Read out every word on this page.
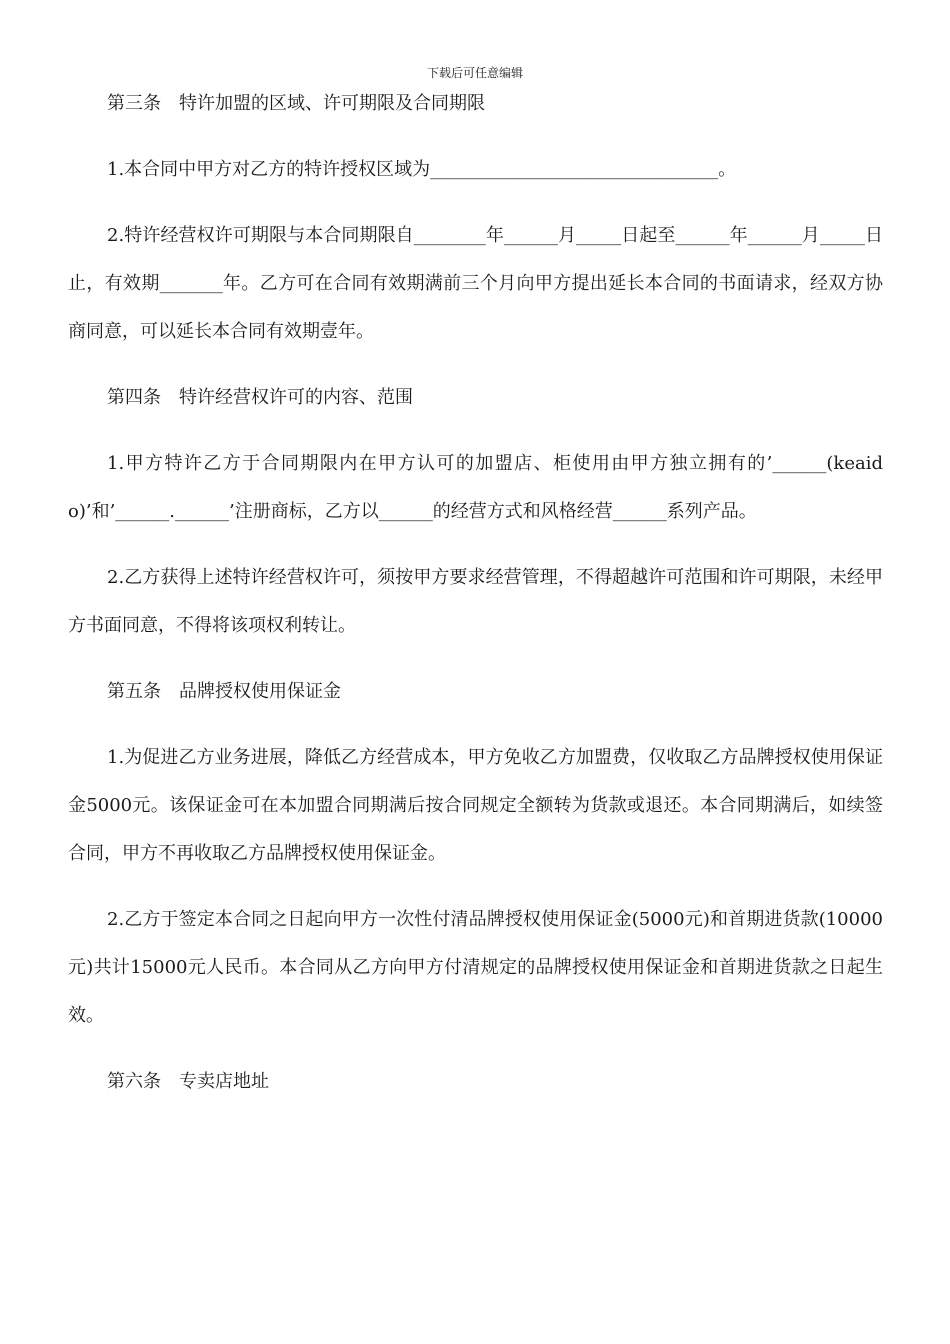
下载后可任意编辑

第三条　特许加盟的区域、许可期限及合同期限

1.本合同中甲方对乙方的特许授权区域为________________________________。

2.特许经营权许可期限与本合同期限自________年______月_____日起至______年______月_____日止，有效期_______年。乙方可在合同有效期满前三个月向甲方提出延长本合同的书面请求，经双方协商同意，可以延长本合同有效期壹年。

第四条　特许经营权许可的内容、范围

1.甲方特许乙方于合同期限内在甲方认可的加盟店、柜使用由甲方独立拥有的’______(keaido)’和’______.______’注册商标，乙方以______的经营方式和风格经营______系列产品。

2.乙方获得上述特许经营权许可，须按甲方要求经营管理，不得超越许可范围和许可期限，未经甲方书面同意，不得将该项权利转让。

第五条　品牌授权使用保证金

1.为促进乙方业务进展，降低乙方经营成本，甲方免收乙方加盟费，仅收取乙方品牌授权使用保证金5000元。该保证金可在本加盟合同期满后按合同规定全额转为货款或退还。本合同期满后，如续签合同，甲方不再收取乙方品牌授权使用保证金。

2.乙方于签定本合同之日起向甲方一次性付清品牌授权使用保证金(5000元)和首期进货款(10000元)共计15000元人民币。本合同从乙方向甲方付清规定的品牌授权使用保证金和首期进货款之日起生效。

第六条　专卖店地址
